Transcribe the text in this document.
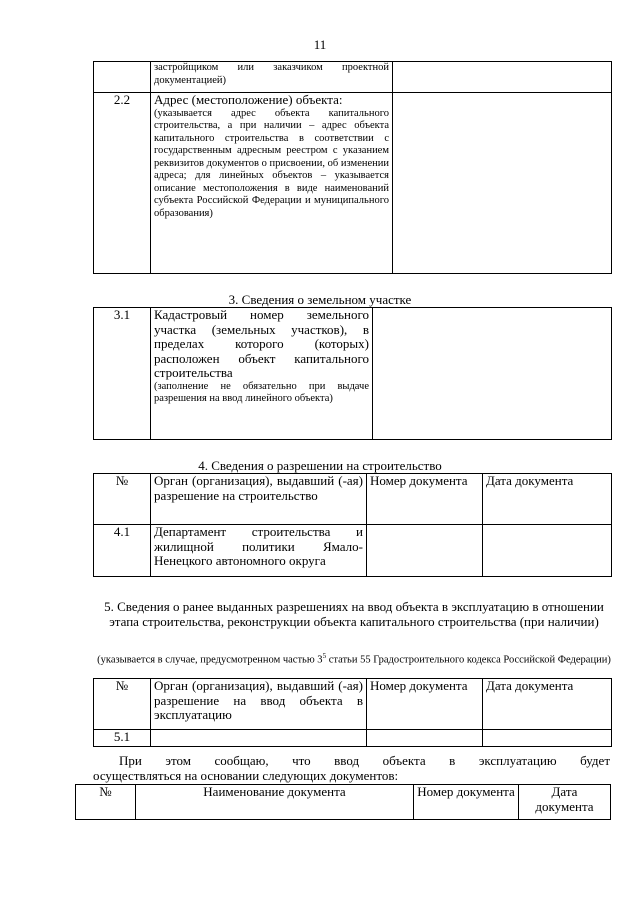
11

	застройщиком или заказчиком проектной документацией)	

2.2	Адрес (местоположение) объекта:
(указывается адрес объекта капитального строительства, а при наличии – адрес объекта капитального строительства в соответствии с государственным адресным реестром с указанием реквизитов документов о присвоении, об изменении адреса; для линейных объектов – указывается описание местоположения в виде наименований субъекта Российской Федерации и муниципального образования)	

3. Сведения о земельном участке
3.1	Кадастровый номер земельного участка (земельных участков), в пределах которого (которых) расположен объект капитального строительства
(заполнение не обязательно при выдаче разрешения на ввод линейного объекта)

4. Сведения о разрешении на строительство
№	Орган (организация), выдавший (-ая) разрешение на строительство	Номер документа	Дата документа
4.1	Департамент строительства и жилищной политики Ямало-Ненецкого автономного округа		
5. Сведения о ранее выданных разрешениях на ввод объекта в эксплуатацию в отношении этапа строительства, реконструкции объекта капитального строительства (при наличии)
(указывается в случае, предусмотренном частью $3^5$ статьи 55 Градостроительного кодекса Российской Федерации)
№	Орган (организация), выдавший (-ая) разрешение на ввод объекта в эксплуатацию	Номер документа	Дата документа
5.1			
При этом сообщаю, что ввод объекта в эксплуатацию будет
осуществляться на основании следующих документов:
№	Наименование документа	Номер документа	Дата документа
